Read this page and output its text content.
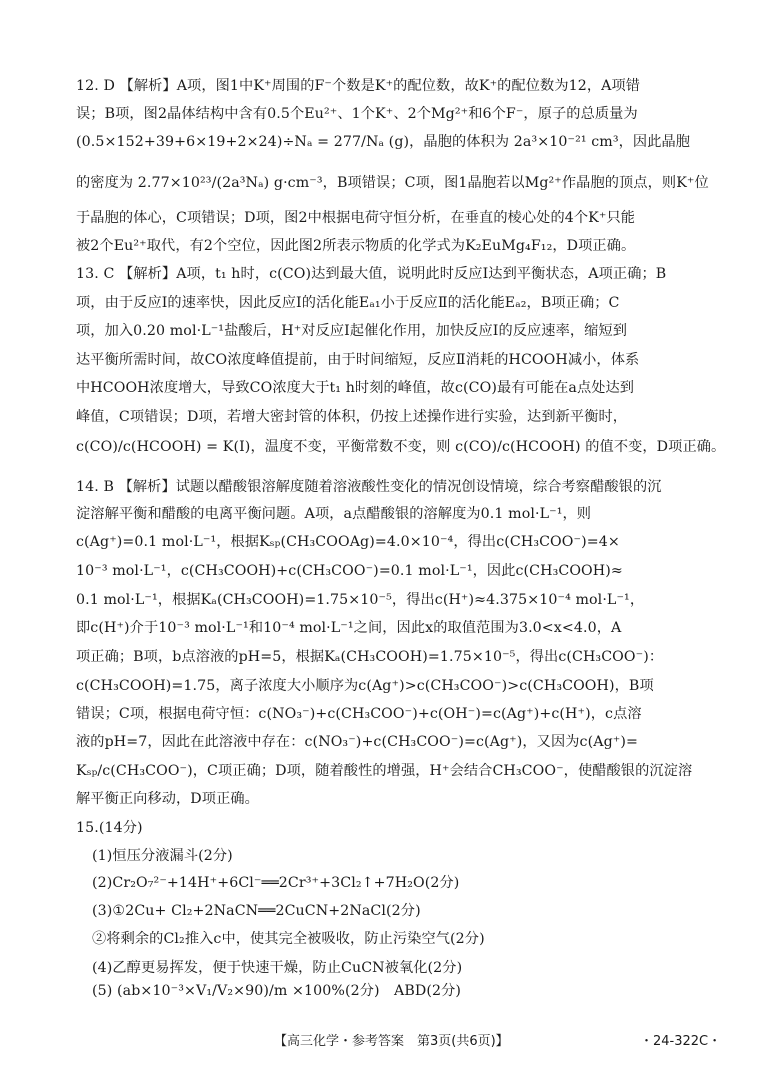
12. D 【解析】A项，图1中K⁺周围的F⁻个数是K⁺的配位数，故K⁺的配位数为12，A项错
误；B项，图2晶体结构中含有0.5个Eu²⁺、1个K⁺、2个Mg²⁺和6个F⁻，原子的总质量为
(0.5×152+39+6×19+2×24)÷Nₐ = 277/Nₐ (g)，晶胞的体积为 2a³×10⁻²¹ cm³，因此晶胞
的密度为 2.77×10²³/(2a³Nₐ) g·cm⁻³，B项错误；C项，图1晶胞若以Mg²⁺作晶胞的顶点，则K⁺位
于晶胞的体心，C项错误；D项，图2中根据电荷守恒分析，在垂直的棱心处的4个K⁺只能
被2个Eu²⁺取代，有2个空位，因此图2所表示物质的化学式为K₂EuMg₄F₁₂，D项正确。
13. C 【解析】A项，t₁ h时，c(CO)达到最大值，说明此时反应Ⅰ达到平衡状态，A项正确；B
项，由于反应Ⅰ的速率快，因此反应Ⅰ的活化能Eₐ₁小于反应Ⅱ的活化能Eₐ₂，B项正确；C
项，加入0.20 mol·L⁻¹盐酸后，H⁺对反应Ⅰ起催化作用，加快反应Ⅰ的反应速率，缩短到
达平衡所需时间，故CO浓度峰值提前，由于时间缩短，反应Ⅱ消耗的HCOOH减小，体系
中HCOOH浓度增大，导致CO浓度大于t₁ h时刻的峰值，故c(CO)最有可能在a点处达到
峰值，C项错误；D项，若增大密封管的体积，仍按上述操作进行实验，达到新平衡时，
c(CO)/c(HCOOH) = K(Ⅰ)，温度不变，平衡常数不变，则 c(CO)/c(HCOOH) 的值不变，D项正确。
14. B 【解析】试题以醋酸银溶解度随着溶液酸性变化的情况创设情境，综合考察醋酸银的沉
淀溶解平衡和醋酸的电离平衡问题。A项，a点醋酸银的溶解度为0.1 mol·L⁻¹，则
c(Ag⁺)=0.1 mol·L⁻¹，根据Kₛₚ(CH₃COOAg)=4.0×10⁻⁴，得出c(CH₃COO⁻)=4×
10⁻³ mol·L⁻¹，c(CH₃COOH)+c(CH₃COO⁻)=0.1 mol·L⁻¹，因此c(CH₃COOH)≈
0.1 mol·L⁻¹，根据Kₐ(CH₃COOH)=1.75×10⁻⁵，得出c(H⁺)≈4.375×10⁻⁴ mol·L⁻¹，
即c(H⁺)介于10⁻³ mol·L⁻¹和10⁻⁴ mol·L⁻¹之间，因此x的取值范围为3.0<x<4.0，A
项正确；B项，b点溶液的pH=5，根据Kₐ(CH₃COOH)=1.75×10⁻⁵，得出c(CH₃COO⁻)：
c(CH₃COOH)=1.75，离子浓度大小顺序为c(Ag⁺)>c(CH₃COO⁻)>c(CH₃COOH)，B项
错误；C项，根据电荷守恒：c(NO₃⁻)+c(CH₃COO⁻)+c(OH⁻)=c(Ag⁺)+c(H⁺)，c点溶
液的pH=7，因此在此溶液中存在：c(NO₃⁻)+c(CH₃COO⁻)=c(Ag⁺)，又因为c(Ag⁺)=
Kₛₚ/c(CH₃COO⁻)，C项正确；D项，随着酸性的增强，H⁺会结合CH₃COO⁻，使醋酸银的沉淀溶
解平衡正向移动，D项正确。
15.(14分)
(1)恒压分液漏斗(2分)
(2)Cr₂O₇²⁻+14H⁺+6Cl⁻══2Cr³⁺+3Cl₂↑+7H₂O(2分)
(3)①2Cu+ Cl₂+2NaCN══2CuCN+2NaCl(2分)
②将剩余的Cl₂推入c中，使其完全被吸收，防止污染空气(2分)
(4)乙醇更易挥发，便于快速干燥，防止CuCN被氧化(2分)
(5) (ab×10⁻³×V₁/V₂×90)/m ×100%(2分)　ABD(2分)
【高三化学・参考答案　第3页(共6页)】	・24-322C・
